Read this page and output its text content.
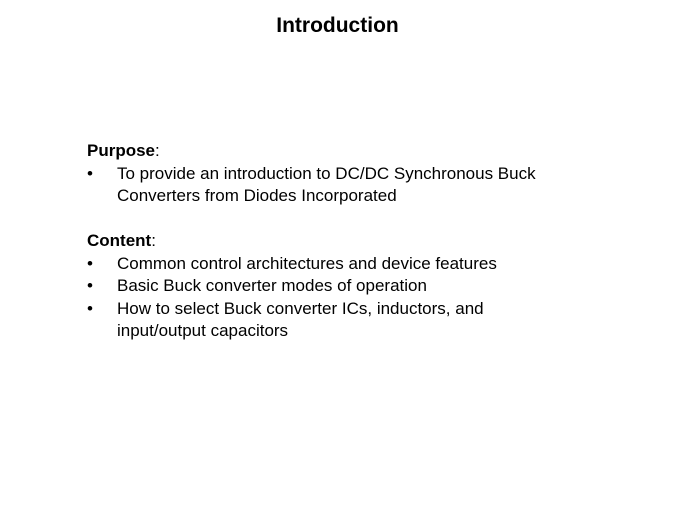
Introduction

Purpose:

• To provide an introduction to DC/DC Synchronous Buck
Converters from Diodes Incorporated

Content:

• Common control architectures and device features
• Basic Buck converter modes of operation
• How to select Buck converter ICs, inductors, and
input/output capacitors
